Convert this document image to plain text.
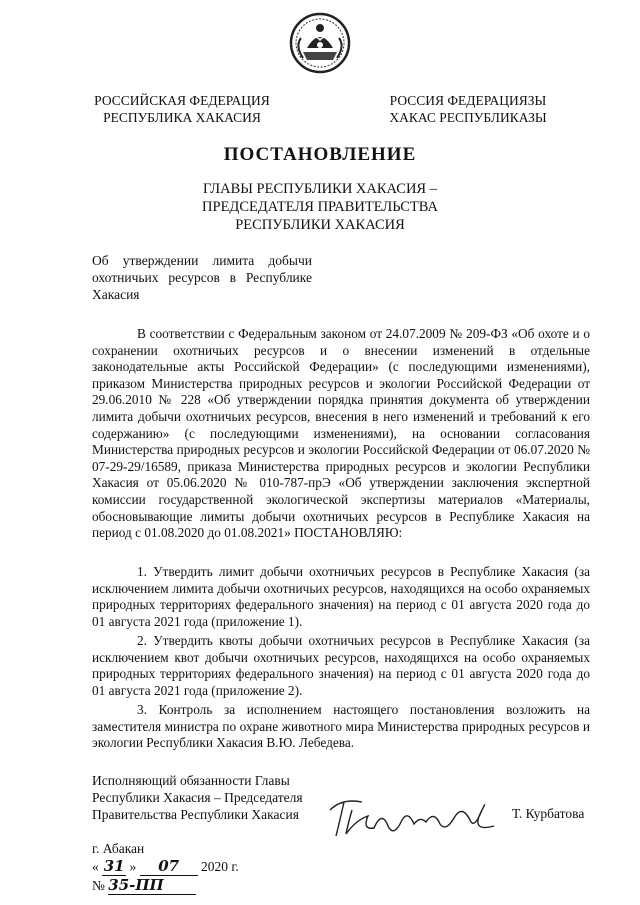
РОССИЙСКАЯ ФЕДЕРАЦИЯ
РЕСПУБЛИКА ХАКАСИЯ
РОССИЯ ФЕДЕРАЦИЯЗЫ
ХАКАС РЕСПУБЛИКАЗЫ
ПОСТАНОВЛЕНИЕ
ГЛАВЫ РЕСПУБЛИКИ ХАКАСИЯ –
ПРЕДСЕДАТЕЛЯ ПРАВИТЕЛЬСТВА
РЕСПУБЛИКИ ХАКАСИЯ
Об утверждении лимита добычи охотничьих ресурсов в Республике Хакасия
В соответствии с Федеральным законом от 24.07.2009 № 209-ФЗ «Об охоте и о сохранении охотничьих ресурсов и о внесении изменений в отдельные законодательные акты Российской Федерации» (с последующими изменениями), приказом Министерства природных ресурсов и экологии Российской Федерации от 29.06.2010 № 228 «Об утверждении порядка принятия документа об утверждении лимита добычи охотничьих ресурсов, внесения в него изменений и требований к его содержанию» (с последующими изменениями), на основании согласования Министерства природных ресурсов и экологии Российской Федерации от 06.07.2020 № 07-29-29/16589, приказа Министерства природных ресурсов и экологии Республики Хакасия от 05.06.2020 № 010-787-прЭ «Об утверждении заключения экспертной комиссии государственной экологической экспертизы материалов «Материалы, обосновывающие лимиты добычи охотничьих ресурсов в Республике Хакасия на период с 01.08.2020 до 01.08.2021» ПОСТАНОВЛЯЮ:
1. Утвердить лимит добычи охотничьих ресурсов в Республике Хакасия (за исключением лимита добычи охотничьих ресурсов, находящихся на особо охраняемых природных территориях федерального значения) на период с 01 августа 2020 года до 01 августа 2021 года (приложение 1).
2. Утвердить квоты добычи охотничьих ресурсов в Республике Хакасия (за исключением квот добычи охотничьих ресурсов, находящихся на особо охраняемых природных территориях федерального значения) на период с 01 августа 2020 года до 01 августа 2021 года (приложение 2).
3. Контроль за исполнением настоящего постановления возложить на заместителя министра по охране животного мира Министерства природных ресурсов и экологии Республики Хакасия В.Ю. Лебедева.
Исполняющий обязанности Главы
Республики Хакасия – Председателя
Правительства Республики Хакасия	Т. Курбатова
г. Абакан
« 31 » 07 2020 г.
№ 35-ПП
